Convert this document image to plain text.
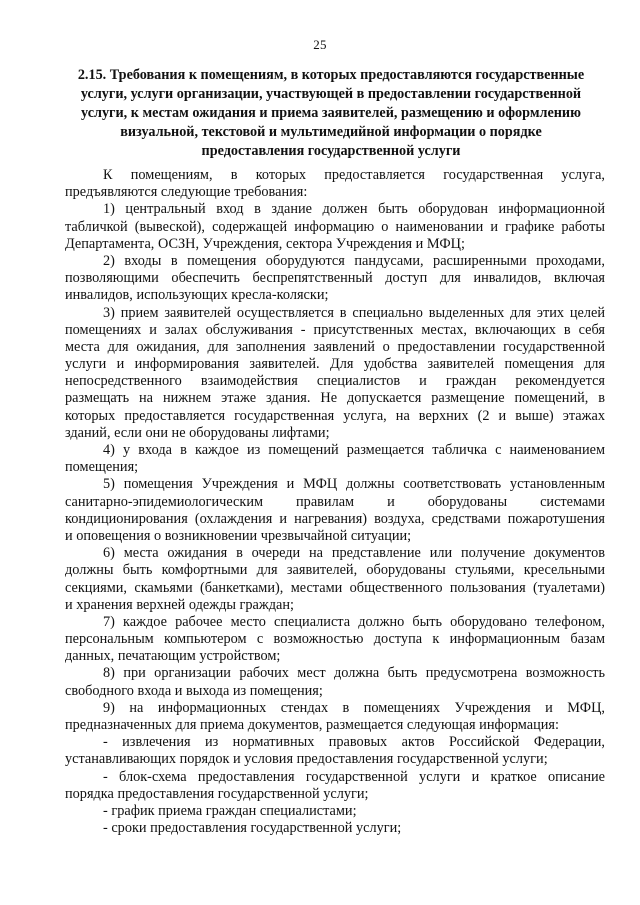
25
2.15. Требования к помещениям, в которых предоставляются государственные
услуги, услуги организации, участвующей в предоставлении государственной
услуги, к местам ожидания и приема заявителей, размещению и оформлению
визуальной, текстовой и мультимедийной информации о порядке
предоставления государственной услуги
К помещениям, в которых предоставляется государственная услуга,
предъявляются следующие требования:
1) центральный вход в здание должен быть оборудован информационной
табличкой (вывеской), содержащей информацию о наименовании и графике работы
Департамента, ОСЗН, Учреждения, сектора Учреждения и МФЦ;
2) входы в помещения оборудуются пандусами, расширенными проходами,
позволяющими обеспечить беспрепятственный доступ для инвалидов, включая
инвалидов, использующих кресла-коляски;
3) прием заявителей осуществляется в специально выделенных для этих целей
помещениях и залах обслуживания - присутственных местах, включающих в себя
места для ожидания, для заполнения заявлений о предоставлении государственной
услуги и информирования заявителей. Для удобства заявителей помещения для
непосредственного взаимодействия специалистов и граждан рекомендуется
размещать на нижнем этаже здания. Не допускается размещение помещений, в
которых предоставляется государственная услуга, на верхних (2 и выше) этажах
зданий, если они не оборудованы лифтами;
4) у входа в каждое из помещений размещается табличка с наименованием
помещения;
5) помещения Учреждения и МФЦ должны соответствовать установленным
санитарно-эпидемиологическим правилам и оборудованы системами
кондиционирования (охлаждения и нагревания) воздуха, средствами пожаротушения
и оповещения о возникновении чрезвычайной ситуации;
6) места ожидания в очереди на представление или получение документов
должны быть комфортными для заявителей, оборудованы стульями, кресельными
секциями, скамьями (банкетками), местами общественного пользования (туалетами)
и хранения верхней одежды граждан;
7) каждое рабочее место специалиста должно быть оборудовано телефоном,
персональным компьютером с возможностью доступа к информационным базам
данных, печатающим устройством;
8) при организации рабочих мест должна быть предусмотрена возможность
свободного входа и выхода из помещения;
9) на информационных стендах в помещениях Учреждения и МФЦ,
предназначенных для приема документов, размещается следующая информация:
- извлечения из нормативных правовых актов Российской Федерации,
устанавливающих порядок и условия предоставления государственной услуги;
- блок-схема предоставления государственной услуги и краткое описание
порядка предоставления государственной услуги;
- график приема граждан специалистами;
- сроки предоставления государственной услуги;
